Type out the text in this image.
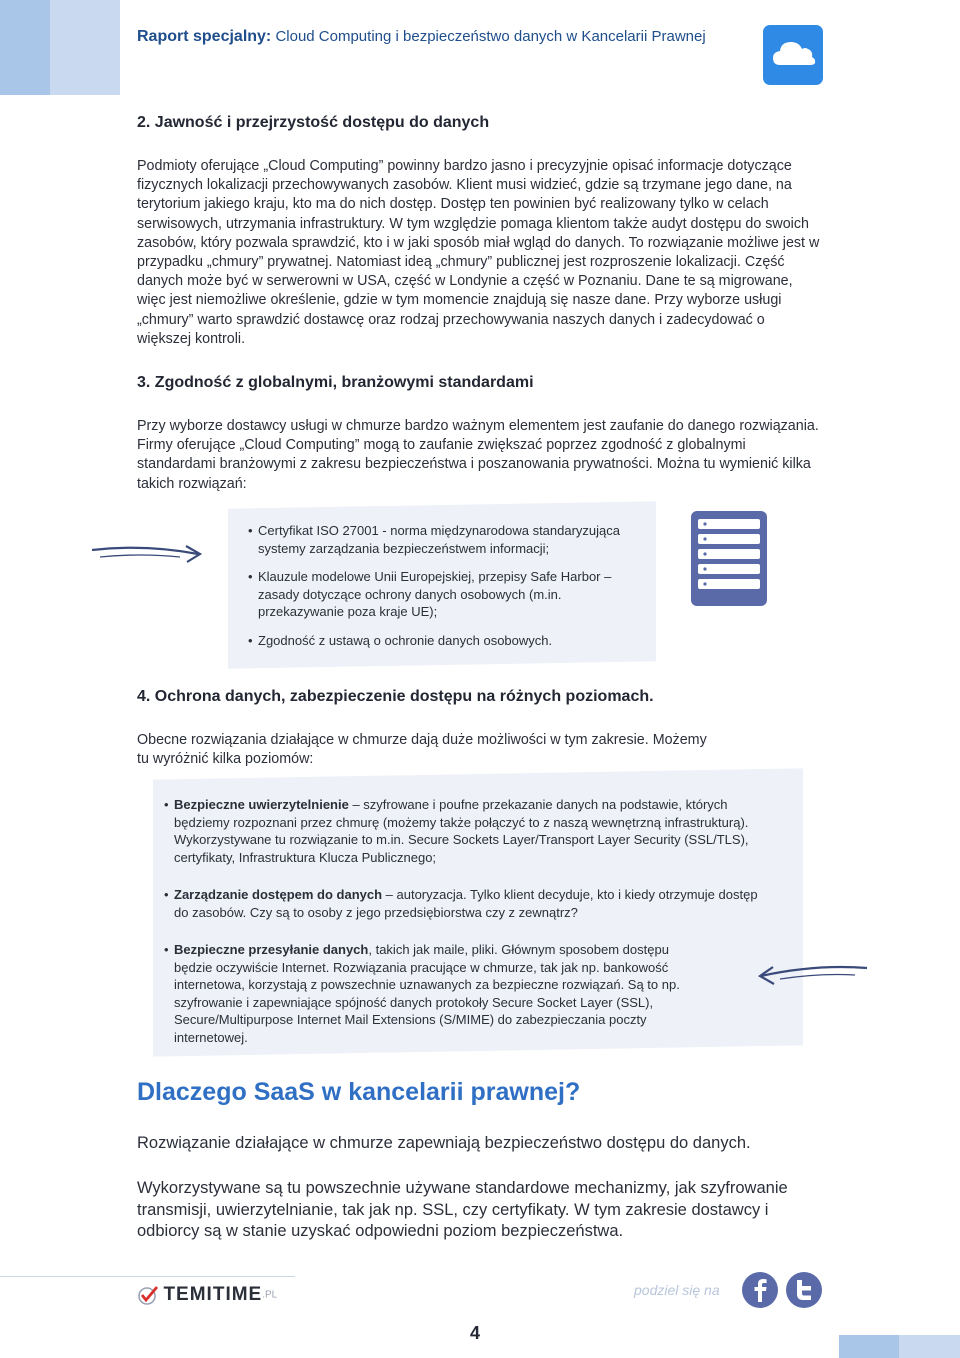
Raport specjalny: Cloud Computing i bezpieczeństwo danych w Kancelarii Prawnej
2. Jawność i przejrzystość dostępu do danych

Podmioty oferujące „Cloud Computing” powinny bardzo jasno i precyzyjnie opisać informacje dotyczące fizycznych lokalizacji przechowywanych zasobów. Klient musi widzieć, gdzie są trzymane jego dane, na terytorium jakiego kraju, kto ma do nich dostęp. Dostęp ten powinien być realizowany tylko w celach serwisowych, utrzymania infrastruktury. W tym względzie pomaga klientom także audyt dostępu do swoich zasobów, który pozwala sprawdzić, kto i w jaki sposób miał wgląd do danych. To rozwiązanie możliwe jest w przypadku „chmury” prywatnej. Natomiast ideą „chmury” publicznej jest rozproszenie lokalizacji. Część danych może być w serwerowni w USA, część w Londynie a część w Poznaniu. Dane te są migrowane, więc jest niemożliwe określenie, gdzie w tym momencie znajdują się nasze dane. Przy wyborze usługi „chmury” warto sprawdzić dostawcę oraz rodzaj przechowywania naszych danych i zadecydować o większej kontroli.

3. Zgodność z globalnymi, branżowymi standardami

Przy wyborze dostawcy usługi w chmurze bardzo ważnym elementem jest zaufanie do danego rozwiązania. Firmy oferujące „Cloud Computing” mogą to zaufanie zwiększać poprzez zgodność z globalnymi standardami branżowymi z zakresu bezpieczeństwa i poszanowania prywatności. Można tu wymienić kilka takich rozwiązań:

• Certyfikat ISO 27001 - norma międzynarodowa standaryzująca systemy zarządzania bezpieczeństwem informacji;
• Klauzule modelowe Unii Europejskiej, przepisy Safe Harbor – zasady dotyczące ochrony danych osobowych (m.in. przekazywanie poza kraje UE);
• Zgodność z ustawą o ochronie danych osobowych.
4. Ochrona danych, zabezpieczenie dostępu na różnych poziomach.

Obecne rozwiązania działające w chmurze dają duże możliwości w tym zakresie. Możemy tu wyróżnić kilka poziomów:

• Bezpieczne uwierzytelnienie – szyfrowane i poufne przekazanie danych na podstawie, których będziemy rozpoznani przez chmurę (możemy także połączyć to z naszą wewnętrzną infrastrukturą). Wykorzystywane tu rozwiązanie to m.in. Secure Sockets Layer/Transport Layer Security (SSL/TLS), certyfikaty, Infrastruktura Klucza Publicznego;
• Zarządzanie dostępem do danych – autoryzacja. Tylko klient decyduje, kto i kiedy otrzymuje dostęp do zasobów. Czy są to osoby z jego przedsiębiorstwa czy z zewnątrz?
• Bezpieczne przesyłanie danych, takich jak maile, pliki. Głównym sposobem dostępu będzie oczywiście Internet. Rozwiązania pracujące w chmurze, tak jak np. bankowość internetowa, korzystają z powszechnie uznawanych za bezpieczne rozwiązań. Są to np. szyfrowanie i zapewniające spójność danych protokoły Secure Socket Layer (SSL), Secure/Multipurpose Internet Mail Extensions (S/MIME) do zabezpieczania poczty internetowej.
Dlaczego SaaS w kancelarii prawnej?
Rozwiązanie działające w chmurze zapewniają bezpieczeństwo dostępu do danych.
Wykorzystywane są tu powszechnie używane standardowe mechanizmy, jak szyfrowanie transmisji, uwierzytelnianie, tak jak np. SSL, czy certyfikaty. W tym zakresie dostawcy i odbiorcy są w stanie uzyskać odpowiedni poziom bezpieczeństwa.
TEMITIME.PL	podziel się na
4
